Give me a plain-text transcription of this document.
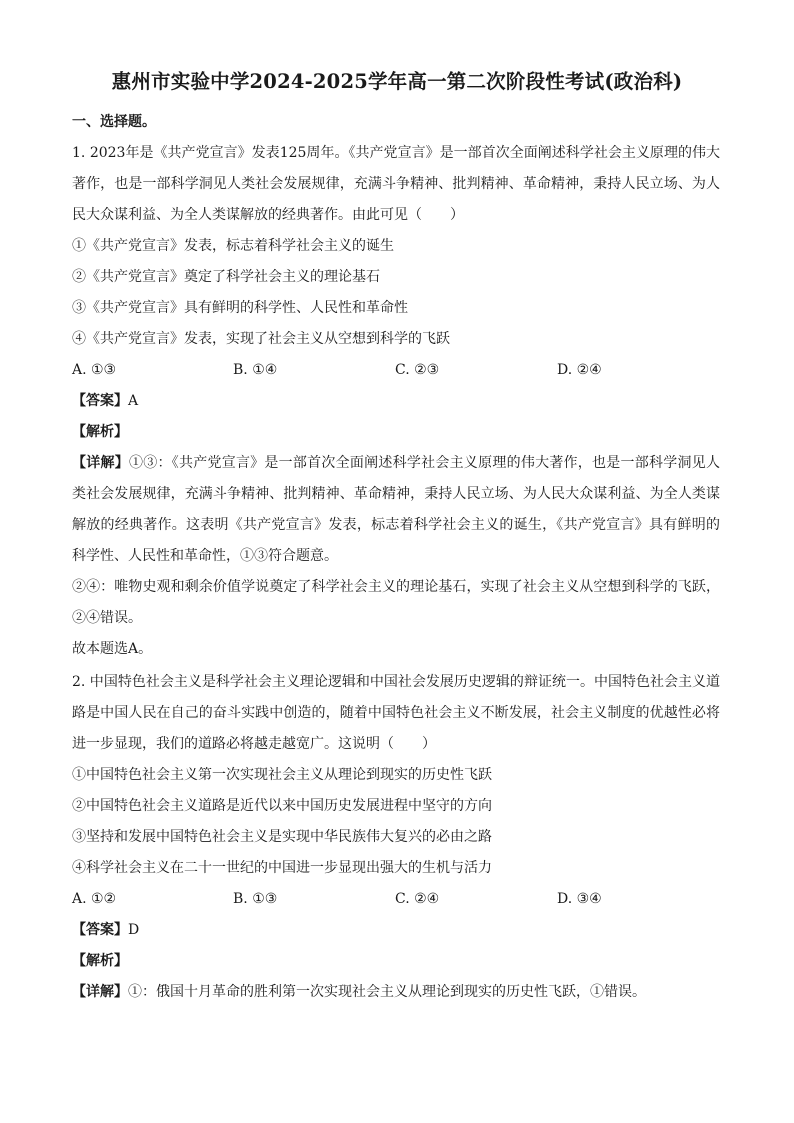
惠州市实验中学2024-2025学年高一第二次阶段性考试(政治科)
一、选择题。
1. 2023年是《共产党宣言》发表125周年。《共产党宣言》是一部首次全面阐述科学社会主义原理的伟大
著作，也是一部科学洞见人类社会发展规律，充满斗争精神、批判精神、革命精神，秉持人民立场、为人
民大众谋利益、为全人类谋解放的经典著作。由此可见（　　）
①《共产党宣言》发表，标志着科学社会主义的诞生
②《共产党宣言》奠定了科学社会主义的理论基石
③《共产党宣言》具有鲜明的科学性、人民性和革命性
④《共产党宣言》发表，实现了社会主义从空想到科学的飞跃
A. ①③	B. ①④	C. ②③	D. ②④
【答案】A
【解析】
【详解】①③：《共产党宣言》是一部首次全面阐述科学社会主义原理的伟大著作，也是一部科学洞见人
类社会发展规律，充满斗争精神、批判精神、革命精神，秉持人民立场、为人民大众谋利益、为全人类谋
解放的经典著作。这表明《共产党宣言》发表，标志着科学社会主义的诞生，《共产党宣言》具有鲜明的
科学性、人民性和革命性，①③符合题意。
②④：唯物史观和剩余价值学说奠定了科学社会主义的理论基石，实现了社会主义从空想到科学的飞跃，
②④错误。
故本题选A。
2. 中国特色社会主义是科学社会主义理论逻辑和中国社会发展历史逻辑的辩证统一。中国特色社会主义道
路是中国人民在自己的奋斗实践中创造的，随着中国特色社会主义不断发展，社会主义制度的优越性必将
进一步显现，我们的道路必将越走越宽广。这说明（　　）
①中国特色社会主义第一次实现社会主义从理论到现实的历史性飞跃
②中国特色社会主义道路是近代以来中国历史发展进程中坚守的方向
③坚持和发展中国特色社会主义是实现中华民族伟大复兴的必由之路
④科学社会主义在二十一世纪的中国进一步显现出强大的生机与活力
A. ①②	B. ①③	C. ②④	D. ③④
【答案】D
【解析】
【详解】①：俄国十月革命的胜利第一次实现社会主义从理论到现实的历史性飞跃，①错误。
